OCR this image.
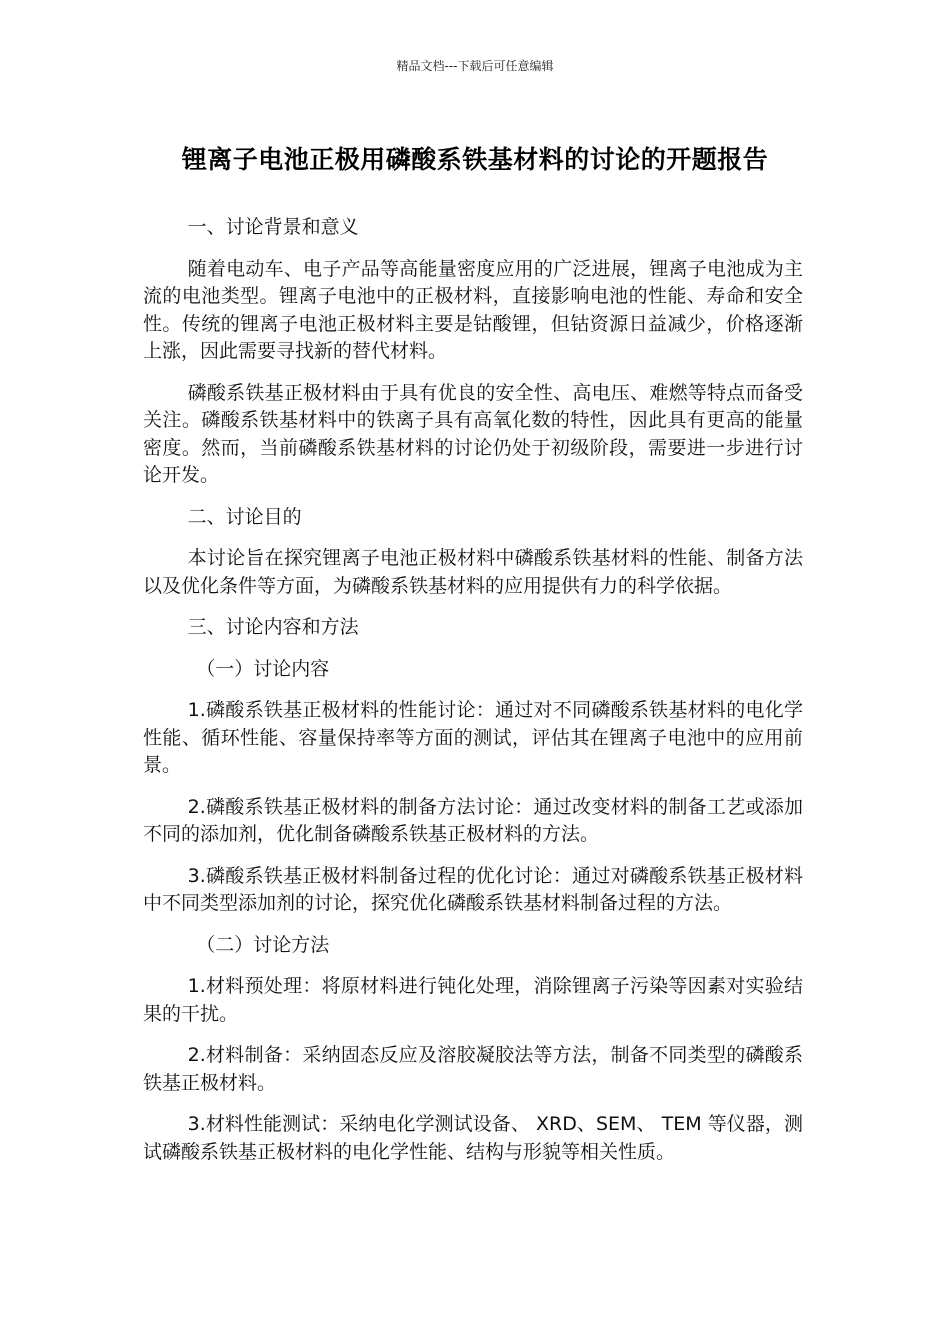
精品文档---下载后可任意编辑
锂离子电池正极用磷酸系铁基材料的讨论的开题报告
一、讨论背景和意义
随着电动车、电子产品等高能量密度应用的广泛进展，锂离子电池成为主流的电池类型。锂离子电池中的正极材料，直接影响电池的性能、寿命和安全性。传统的锂离子电池正极材料主要是钴酸锂，但钴资源日益减少，价格逐渐上涨，因此需要寻找新的替代材料。
磷酸系铁基正极材料由于具有优良的安全性、高电压、难燃等特点而备受关注。磷酸系铁基材料中的铁离子具有高氧化数的特性，因此具有更高的能量密度。然而，当前磷酸系铁基材料的讨论仍处于初级阶段，需要进一步进行讨论开发。
二、讨论目的
本讨论旨在探究锂离子电池正极材料中磷酸系铁基材料的性能、制备方法以及优化条件等方面，为磷酸系铁基材料的应用提供有力的科学依据。
三、讨论内容和方法
（一）讨论内容
1.磷酸系铁基正极材料的性能讨论：通过对不同磷酸系铁基材料的电化学性能、循环性能、容量保持率等方面的测试，评估其在锂离子电池中的应用前景。
2.磷酸系铁基正极材料的制备方法讨论：通过改变材料的制备工艺或添加不同的添加剂，优化制备磷酸系铁基正极材料的方法。
3.磷酸系铁基正极材料制备过程的优化讨论：通过对磷酸系铁基正极材料中不同类型添加剂的讨论，探究优化磷酸系铁基材料制备过程的方法。
（二）讨论方法
1.材料预处理：将原材料进行钝化处理，消除锂离子污染等因素对实验结果的干扰。
2.材料制备：采纳固态反应及溶胶凝胶法等方法，制备不同类型的磷酸系铁基正极材料。
3.材料性能测试：采纳电化学测试设备、 XRD、SEM、 TEM 等仪器，测试磷酸系铁基正极材料的电化学性能、结构与形貌等相关性质。
